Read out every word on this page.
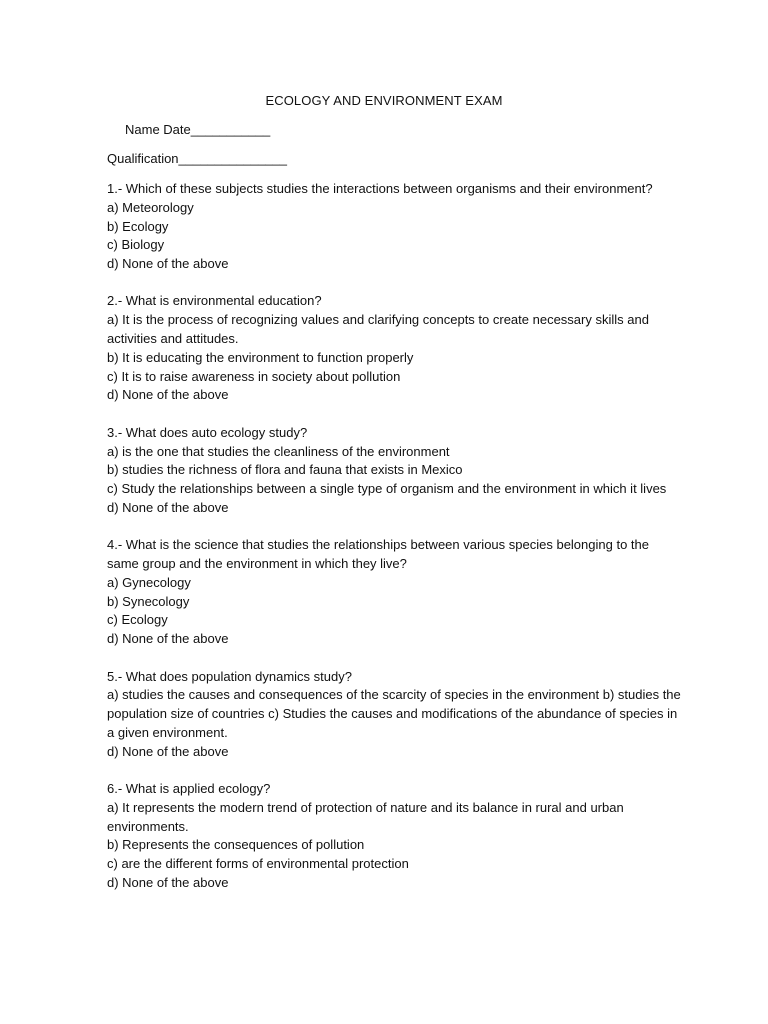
ECOLOGY AND ENVIRONMENT EXAM
Name Date___________
Qualification_______________
1.- Which of these subjects studies the interactions between organisms and their environment?
a) Meteorology
b) Ecology
c) Biology
d) None of the above
2.- What is environmental education?
a) It is the process of recognizing values and clarifying concepts to create necessary skills and
activities and attitudes.
b) It is educating the environment to function properly
c) It is to raise awareness in society about pollution
d) None of the above
3.- What does auto ecology study?
a) is the one that studies the cleanliness of the environment
b) studies the richness of flora and fauna that exists in Mexico
c) Study the relationships between a single type of organism and the environment in which it lives
d) None of the above
4.- What is the science that studies the relationships between various species belonging to the
same group and the environment in which they live?
a) Gynecology
b) Synecology
c) Ecology
d) None of the above
5.- What does population dynamics study?
a) studies the causes and consequences of the scarcity of species in the environment b) studies the
population size of countries c) Studies the causes and modifications of the abundance of species in
a given environment.
d) None of the above
6.- What is applied ecology?
a) It represents the modern trend of protection of nature and its balance in rural and urban
environments.
b) Represents the consequences of pollution
c) are the different forms of environmental protection
d) None of the above
